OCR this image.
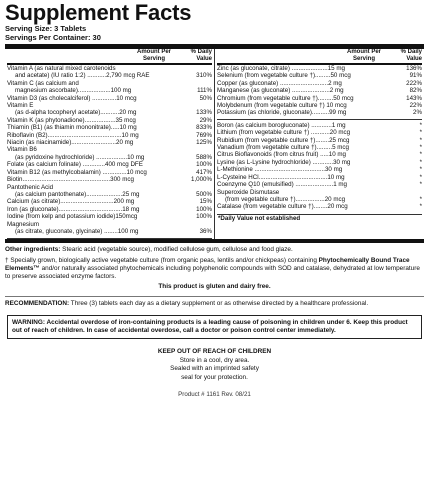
Supplement Facts
Serving Size: 3 Tablets
Servings Per Container: 30
Amount Per
Serving
% Daily
Value
Vitamin A (as natural mixed carotenoids
and acetate) (IU ratio 1:2) ...........2,790 mcg RAE	310%
Vitamin C (as calcium and
magnesium ascorbate)...................100 mg	111%
Vitamin D3 (as cholecalciferol) ..............10 mcg	50%
Vitamin E
(as d-alpha tocopheryl acetate)...........20 mg	133%
Vitamin K (as phytonadione)..................35 mcg	29%
Thiamin (B1) (as thiamin mononitrate).....10 mg	833%
Riboflavin (B2)...........................................10 mg	769%
Niacin (as niacinamide)..........................20 mg	125%
Vitamin B6
(as pyridoxine hydrochloride) ..................10 mg	588%
Folate (as calcium folinate) .............400 mcg DFE	100%
Vitamin B12 (as methylcobalamin) ..............10 mcg	417%
Biotin...................................................300 mcg	1,000%
Pantothenic Acid
(as calcium pantothenate).....................25 mg	500%
Calcium (as citrate)...............................200 mg	15%
Iron (as gluconate).....................................18 mg	100%
Iodine (from kelp and potassium iodide)150mcg	100%
Magnesium
(as citrate, gluconate, glycinate) ........100 mg	36%
Amount Per
Serving
% Daily
Value
Zinc (as gluconate, citrate) .....................15 mg	136%
Selenium (from vegetable culture †).........50 mcg	91%
Copper (as gluconate) ............................2 mg	222%
Manganese (as gluconate) ......................2 mg	82%
Chromium (from vegetable culture †).........50 mcg	143%
Molybdenum (from vegetable culture †) 10 mcg	22%
Potassium (as chloride, gluconate)..........99 mg	2%
Boron (as calcium borogluconate) ............1 mg	*
Lithium (from vegetable culture †) ...........20 mcg	*
Rubidium (from vegetable culture †)........25 mcg	*
Vanadium (from vegetable culture †).........5 mcg	*
Citrus Bioflavonoids (from citrus fruit) .....10 mg	*
Lysine (as L-Lysine hydrochloride) ............30 mg	*
L-Methionine .........................................30 mg	*
L-Cysteine HCl........................................10 mg	*
Coenzyme Q10 (emulsified) ......................1 mg	*
Superoxide Dismutase
(from vegetable culture †).................20 mcg	*
Catalase (from vegetable culture †)........20 mcg	*
*Daily Value not established

Other ingredients: Stearic acid (vegetable source), modified cellulose gum, cellulose and food glaze.

† Specially grown, biologically active vegetable culture (from organic peas, lentils and/or chickpeas) containing Phytochemically Bound Trace Elements™ and/or naturally associated phytochemicals including polyphenolic compounds with SOD and catalase, dehydrated at low temperature to preserve associated enzyme factors.

This product is gluten and dairy free.

RECOMMENDATION: Three (3) tablets each day as a dietary supplement or as otherwise directed by a healthcare professional.

WARNING: Accidental overdose of iron-containing products is a leading cause of poisoning in children under 6. Keep this product out of reach of children. In case of accidental overdose, call a doctor or poison control center immediately.
KEEP OUT OF REACH OF CHILDREN
Store in a cool, dry area.
Sealed with an imprinted safety
seal for your protection.
Product # 1161 Rev. 08/21
